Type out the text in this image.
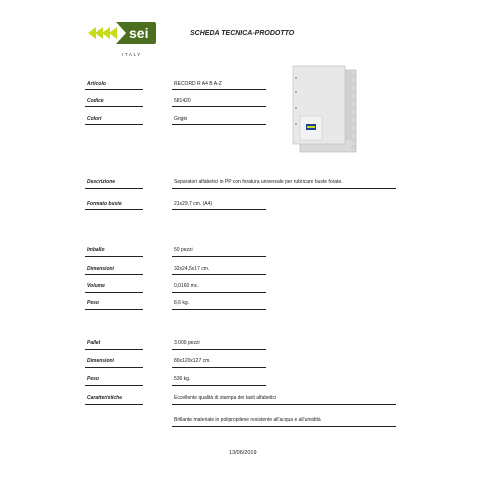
sei
ITALY
SCHEDA TECNICA-PRODOTTO
Articolo	RECORD R A4 B A-Z
Codice	581420
Colori	Grigio
Descrizione	Separatori alfabetici in PP con foratura universale per rubricare buste forate.
Formato buste	21x29,7 cm. (A4)
Imballo	50 pezzi
Dimensioni	32x24,5x17 cm.
Volume	0,0160 mc.
Peso	8,6 kg.
Pallet	3.000 pezzi
Dimensioni	80x120x127 cm.
Peso	536 kg.
Caratteristiche	Eccellente qualità di stampa dei tasti alfabetici
Brillante materiale in polipropilene resistente all'acqua e all'umidità
13/06/2019
